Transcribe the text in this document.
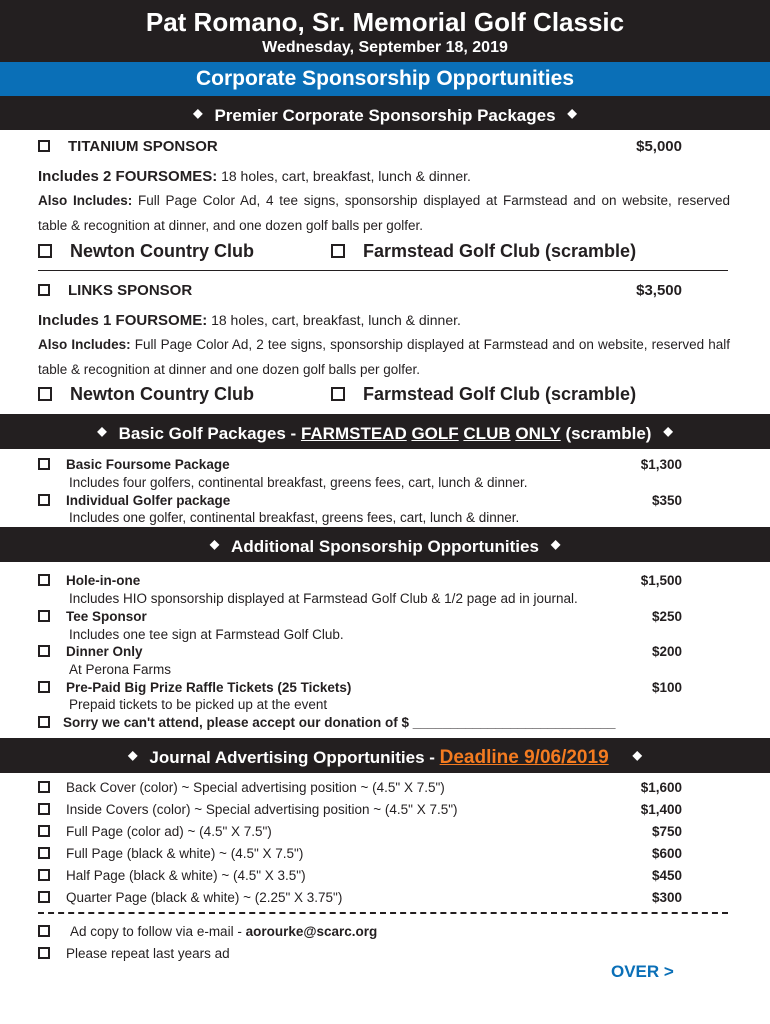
Pat Romano, Sr. Memorial Golf Classic
Wednesday, September 18, 2019
Corporate Sponsorship Opportunities
◆ Premier Corporate Sponsorship Packages ◆
TITANIUM SPONSOR	$5,000
Includes 2 FOURSOMES: 18 holes, cart, breakfast, lunch & dinner.
Also Includes: Full Page Color Ad, 4 tee signs, sponsorship displayed at Farmstead and on website, reserved table & recognition at dinner, and one dozen golf balls per golfer.
Newton Country Club	Farmstead Golf Club (scramble)
LINKS SPONSOR	$3,500
Includes 1 FOURSOME: 18 holes, cart, breakfast, lunch & dinner.
Also Includes: Full Page Color Ad, 2 tee signs, sponsorship displayed at Farmstead and on website, reserved half table & recognition at dinner and one dozen golf balls per golfer.
Newton Country Club	Farmstead Golf Club (scramble)
◆ Basic Golf Packages - FARMSTEAD GOLF CLUB ONLY (scramble) ◆
Basic Foursome Package	$1,300
Includes four golfers, continental breakfast, greens fees, cart, lunch & dinner.
Individual Golfer package	$350
Includes one golfer, continental breakfast, greens fees, cart, lunch & dinner.
◆ Additional Sponsorship Opportunities ◆
Hole-in-one	$1,500
Includes HIO sponsorship displayed at Farmstead Golf Club & 1/2 page ad in journal.
Tee Sponsor	$250
Includes one tee sign at Farmstead Golf Club.
Dinner Only	$200
At Perona Farms
Pre-Paid Big Prize Raffle Tickets (25 Tickets)	$100
Prepaid tickets to be picked up at the event
Sorry we can't attend, please accept our donation of $ ___________________________
◆ Journal Advertising Opportunities - Deadline 9/06/2019 ◆
Back Cover (color) ~ Special advertising position ~ (4.5" X 7.5")	$1,600
Inside Covers (color) ~ Special advertising position ~ (4.5" X 7.5")	$1,400
Full Page (color ad) ~ (4.5" X 7.5")	$750
Full Page (black & white) ~ (4.5" X 7.5")	$600
Half Page (black & white) ~ (4.5" X 3.5")	$450
Quarter Page (black & white) ~ (2.25" X 3.75")	$300
Ad copy to follow via e-mail - aorourke@scarc.org
Please repeat last years ad
OVER >
